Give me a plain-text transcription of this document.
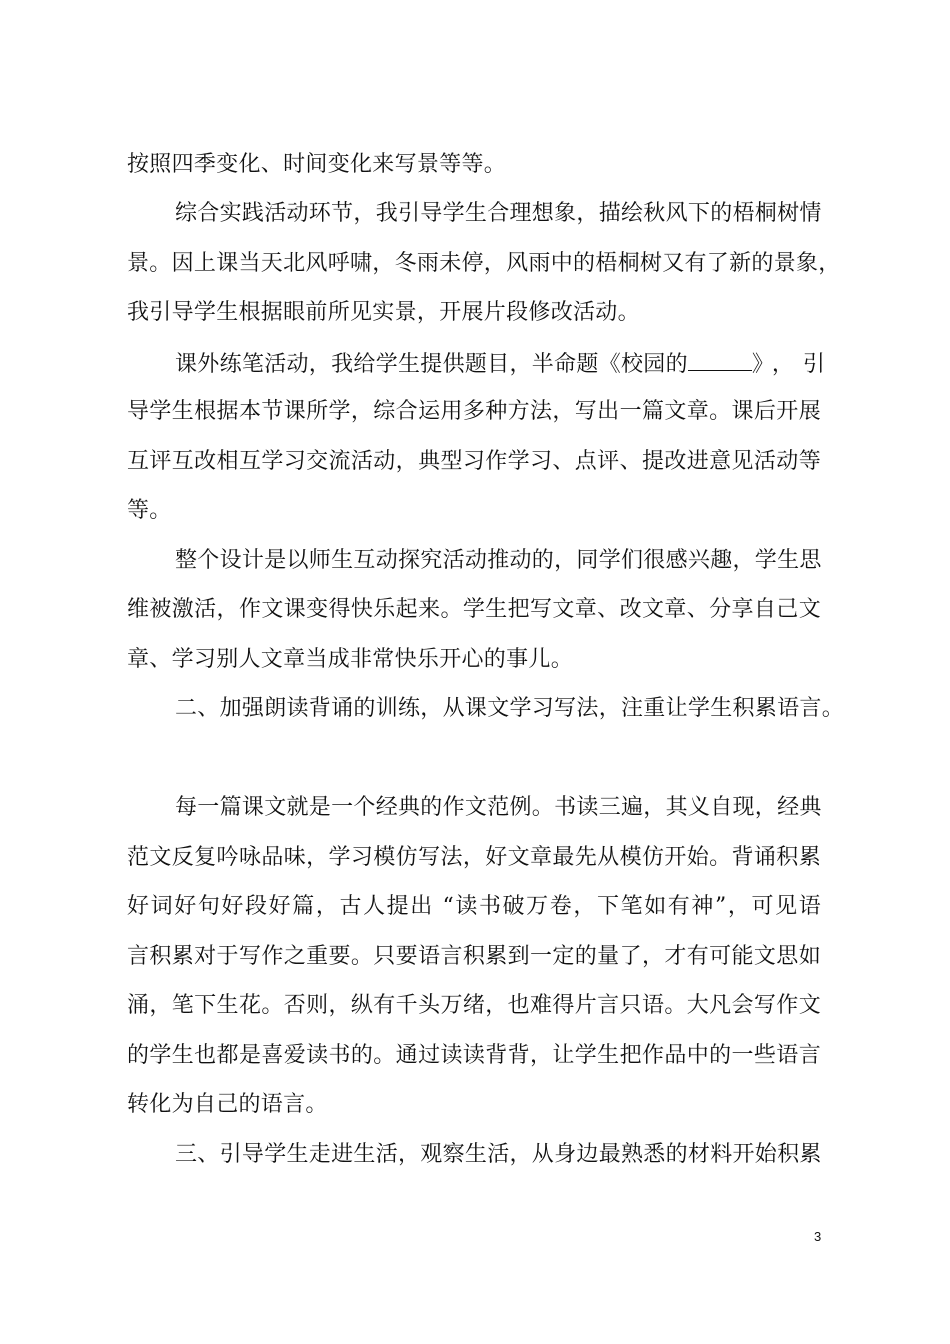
按照四季变化、时间变化来写景等等。
综合实践活动环节，我引导学生合理想象，描绘秋风下的梧桐树情
景。因上课当天北风呼啸，冬雨未停，风雨中的梧桐树又有了新的景象，
我引导学生根据眼前所见实景，开展片段修改活动。
课外练笔活动，我给学生提供题目，半命题《校园的	》，引
导学生根据本节课所学，综合运用多种方法，写出一篇文章。课后开展
互评互改相互学习交流活动，典型习作学习、点评、提改进意见活动等
等。
整个设计是以师生互动探究活动推动的，同学们很感兴趣，学生思
维被激活，作文课变得快乐起来。学生把写文章、改文章、分享自己文
章、学习别人文章当成非常快乐开心的事儿。
二、加强朗读背诵的训练，从课文学习写法，注重让学生积累语言。
每一篇课文就是一个经典的作文范例。书读三遍，其义自现，经典
范文反复吟咏品味，学习模仿写法，好文章最先从模仿开始。背诵积累
好词好句好段好篇，古人提出 “读书破万卷，下笔如有神”，可见语
言积累对于写作之重要。只要语言积累到一定的量了，才有可能文思如
涌，笔下生花。否则，纵有千头万绪，也难得片言只语。大凡会写作文
的学生也都是喜爱读书的。通过读读背背，让学生把作品中的一些语言
转化为自己的语言。
三、引导学生走进生活，观察生活，从身边最熟悉的材料开始积累
3
